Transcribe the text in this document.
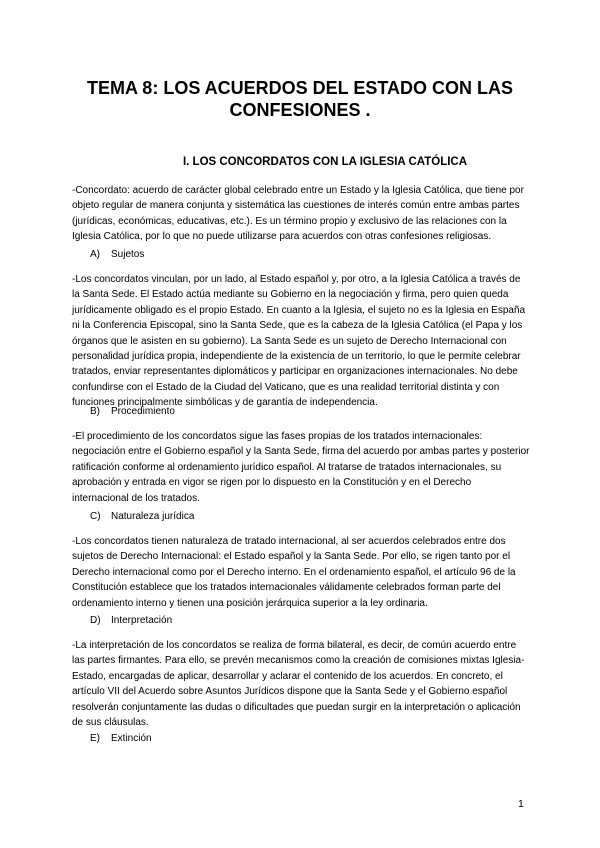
TEMA 8: LOS ACUERDOS DEL ESTADO CON LAS
CONFESIONES .
I. LOS CONCORDATOS CON LA IGLESIA CATÓLICA

-Concordato: acuerdo de carácter global celebrado entre un Estado y la Iglesia Católica, que tiene por objeto regular de manera conjunta y sistemática las cuestiones de interés común entre ambas partes (jurídicas, económicas, educativas, etc.). Es un término propio y exclusivo de las relaciones con la Iglesia Católica, por lo que no puede utilizarse para acuerdos con otras confesiones religiosas.

A) Sujetos

-Los concordatos vinculan, por un lado, al Estado español y, por otro, a la Iglesia Católica a través de la Santa Sede. El Estado actúa mediante su Gobierno en la negociación y firma, pero quien queda jurídicamente obligado es el propio Estado. En cuanto a la Iglesia, el sujeto no es la Iglesia en España ni la Conferencia Episcopal, sino la Santa Sede, que es la cabeza de la Iglesia Católica (el Papa y los órganos que le asisten en su gobierno). La Santa Sede es un sujeto de Derecho Internacional con personalidad jurídica propia, independiente de la existencia de un territorio, lo que le permite celebrar tratados, enviar representantes diplomáticos y participar en organizaciones internacionales. No debe confundirse con el Estado de la Ciudad del Vaticano, que es una realidad territorial distinta y con funciones principalmente simbólicas y de garantía de independencia.

B) Procedimiento

-El procedimiento de los concordatos sigue las fases propias de los tratados internacionales: negociación entre el Gobierno español y la Santa Sede, firma del acuerdo por ambas partes y posterior ratificación conforme al ordenamiento jurídico español. Al tratarse de tratados internacionales, su aprobación y entrada en vigor se rigen por lo dispuesto en la Constitución y en el Derecho internacional de los tratados.

C) Naturaleza jurídica

-Los concordatos tienen naturaleza de tratado internacional, al ser acuerdos celebrados entre dos sujetos de Derecho Internacional: el Estado español y la Santa Sede. Por ello, se rigen tanto por el Derecho internacional como por el Derecho interno. En el ordenamiento español, el artículo 96 de la Constitución establece que los tratados internacionales válidamente celebrados forman parte del ordenamiento interno y tienen una posición jerárquica superior a la ley ordinaria.

D) Interpretación

-La interpretación de los concordatos se realiza de forma bilateral, es decir, de común acuerdo entre las partes firmantes. Para ello, se prevén mecanismos como la creación de comisiones mixtas Iglesia-Estado, encargadas de aplicar, desarrollar y aclarar el contenido de los acuerdos. En concreto, el artículo VII del Acuerdo sobre Asuntos Jurídicos dispone que la Santa Sede y el Gobierno español resolverán conjuntamente las dudas o dificultades que puedan surgir en la interpretación o aplicación de sus cláusulas.

E) Extinción
1
